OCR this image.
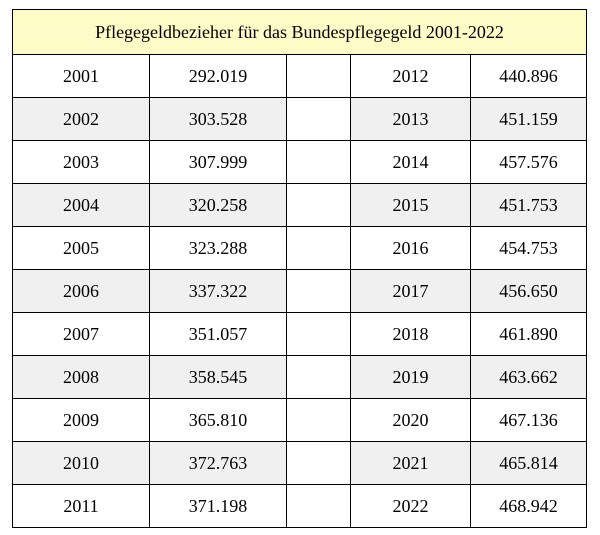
Pflegegeldbezieher für das Bundespflegegeld 2001-2022				
2001	292.019		2012	440.896
2002	303.528		2013	451.159
2003	307.999		2014	457.576
2004	320.258		2015	451.753
2005	323.288		2016	454.753
2006	337.322		2017	456.650
2007	351.057		2018	461.890
2008	358.545		2019	463.662
2009	365.810		2020	467.136
2010	372.763		2021	465.814
2011	371.198		2022	468.942
